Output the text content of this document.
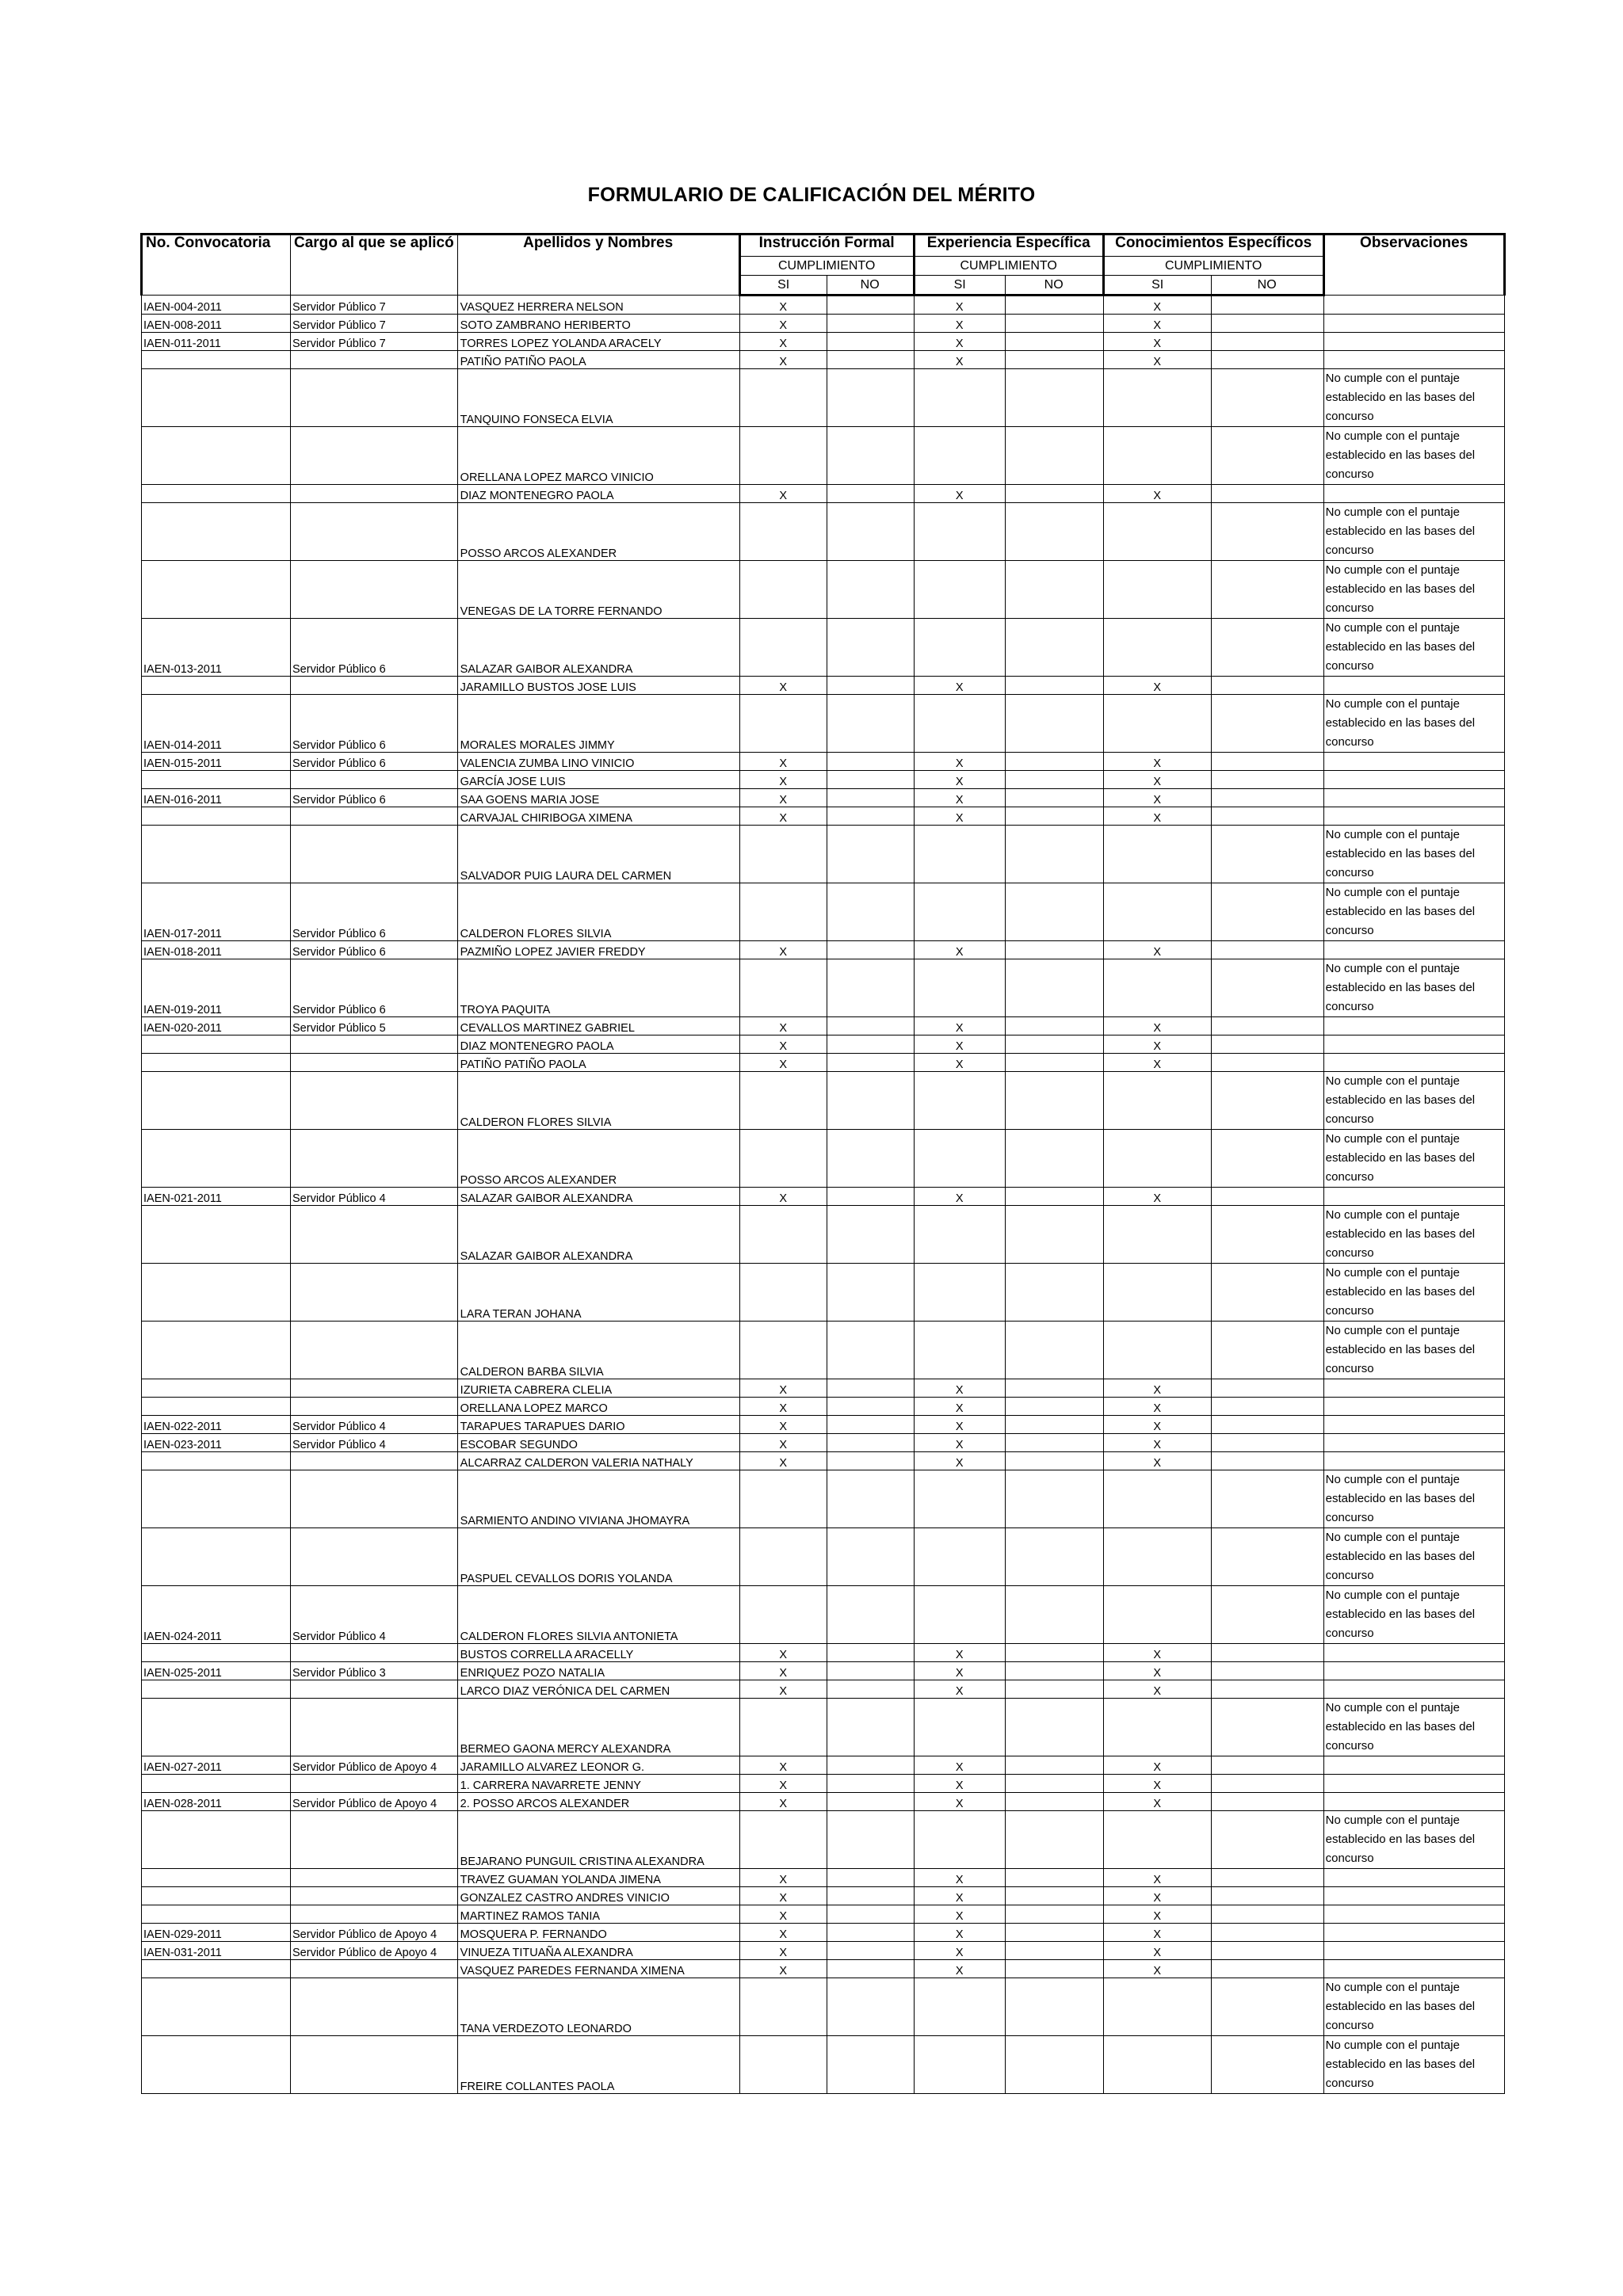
FORMULARIO DE CALIFICACIÓN DEL MÉRITO
No. Convocatoria	Cargo al que se aplicó	Apellidos y Nombres	Instrucción Formal		Experiencia Específica		Conocimientos Específicos		Observaciones
			CUMPLIMIENTO		CUMPLIMIENTO		CUMPLIMIENTO		
			SI	NO	SI	NO	SI	NO	
IAEN-004-2011	Servidor Público 7	VASQUEZ HERRERA NELSON	X		X		X		
IAEN-008-2011	Servidor Público 7	SOTO ZAMBRANO HERIBERTO	X		X		X		
IAEN-011-2011	Servidor Público 7	TORRES LOPEZ YOLANDA ARACELY	X		X		X		
		PATIÑO PATIÑO PAOLA	X		X		X		
		TANQUINO FONSECA ELVIA							No cumple con el puntaje establecido en las bases del concurso
		ORELLANA LOPEZ MARCO VINICIO							No cumple con el puntaje establecido en las bases del concurso
		DIAZ MONTENEGRO PAOLA	X		X		X		
		POSSO ARCOS ALEXANDER							No cumple con el puntaje establecido en las bases del concurso
		VENEGAS DE LA TORRE FERNANDO							No cumple con el puntaje establecido en las bases del concurso
IAEN-013-2011	Servidor Público 6	SALAZAR GAIBOR ALEXANDRA							No cumple con el puntaje establecido en las bases del concurso
		JARAMILLO BUSTOS JOSE LUIS	X		X		X		
IAEN-014-2011	Servidor Público 6	MORALES MORALES JIMMY							No cumple con el puntaje establecido en las bases del concurso
IAEN-015-2011	Servidor Público 6	VALENCIA ZUMBA LINO VINICIO	X		X		X		
		GARCÍA JOSE LUIS	X		X		X		
IAEN-016-2011	Servidor Público 6	SAA GOENS MARIA JOSE	X		X		X		
		CARVAJAL CHIRIBOGA XIMENA	X		X		X		
		SALVADOR PUIG LAURA DEL CARMEN							No cumple con el puntaje establecido en las bases del concurso
IAEN-017-2011	Servidor Público 6	CALDERON FLORES SILVIA							No cumple con el puntaje establecido en las bases del concurso
IAEN-018-2011	Servidor Público 6	PAZMIÑO LOPEZ JAVIER FREDDY	X		X		X		
IAEN-019-2011	Servidor Público 6	TROYA PAQUITA							No cumple con el puntaje establecido en las bases del concurso
IAEN-020-2011	Servidor Público 5	CEVALLOS MARTINEZ GABRIEL	X		X		X		
		DIAZ MONTENEGRO PAOLA	X		X		X		
		PATIÑO PATIÑO PAOLA	X		X		X		
		CALDERON FLORES SILVIA							No cumple con el puntaje establecido en las bases del concurso
		POSSO ARCOS ALEXANDER							No cumple con el puntaje establecido en las bases del concurso
IAEN-021-2011	Servidor Público 4	SALAZAR GAIBOR ALEXANDRA	X		X		X		
		SALAZAR GAIBOR ALEXANDRA							No cumple con el puntaje establecido en las bases del concurso
		LARA TERAN JOHANA							No cumple con el puntaje establecido en las bases del concurso
		CALDERON BARBA SILVIA							No cumple con el puntaje establecido en las bases del concurso
		IZURIETA CABRERA CLELIA	X		X		X		
		ORELLANA LOPEZ MARCO	X		X		X		
IAEN-022-2011	Servidor Público 4	TARAPUES TARAPUES DARIO	X		X		X		
IAEN-023-2011	Servidor Público 4	ESCOBAR SEGUNDO	X		X		X		
		ALCARRAZ CALDERON VALERIA NATHALY	X		X		X		
		SARMIENTO ANDINO VIVIANA JHOMAYRA							No cumple con el puntaje establecido en las bases del concurso
		PASPUEL CEVALLOS DORIS YOLANDA							No cumple con el puntaje establecido en las bases del concurso
IAEN-024-2011	Servidor Público 4	CALDERON FLORES SILVIA ANTONIETA							No cumple con el puntaje establecido en las bases del concurso
		BUSTOS CORRELLA ARACELLY	X		X		X		
IAEN-025-2011	Servidor Público 3	ENRIQUEZ POZO NATALIA	X		X		X		
		LARCO DIAZ VERÓNICA DEL CARMEN	X		X		X		
		BERMEO GAONA MERCY ALEXANDRA							No cumple con el puntaje establecido en las bases del concurso
IAEN-027-2011	Servidor Público de Apoyo 4	JARAMILLO ALVAREZ LEONOR G.	X		X		X		
		1. CARRERA NAVARRETE JENNY	X		X		X		
IAEN-028-2011	Servidor Público de Apoyo 4	2. POSSO ARCOS ALEXANDER	X		X		X		
		BEJARANO PUNGUIL CRISTINA ALEXANDRA							No cumple con el puntaje establecido en las bases del concurso
		TRAVEZ GUAMAN YOLANDA JIMENA	X		X		X		
		GONZALEZ CASTRO ANDRES VINICIO	X		X		X		
		MARTINEZ RAMOS TANIA	X		X		X		
IAEN-029-2011	Servidor Público de Apoyo 4	MOSQUERA P. FERNANDO	X		X		X		
IAEN-031-2011	Servidor Público de Apoyo 4	VINUEZA TITUAÑA ALEXANDRA	X		X		X		
		VASQUEZ PAREDES FERNANDA XIMENA	X		X		X		
		TANA VERDEZOTO LEONARDO							No cumple con el puntaje establecido en las bases del concurso
		FREIRE COLLANTES PAOLA							No cumple con el puntaje establecido en las bases del concurso
